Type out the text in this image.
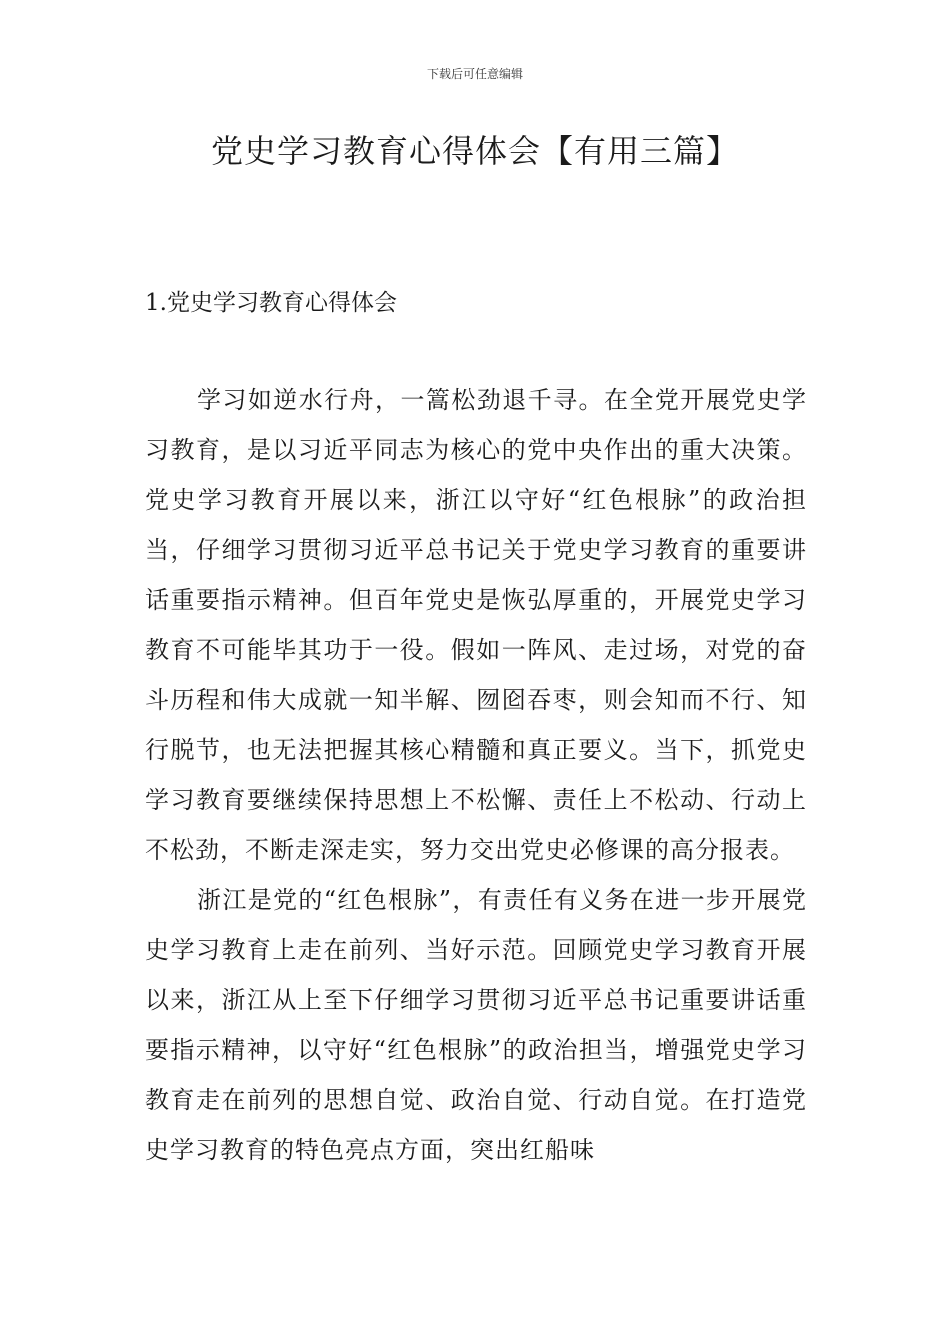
下载后可任意编辑
党史学习教育心得体会【有用三篇】
1.党史学习教育心得体会

学习如逆水行舟，一篙松劲退千寻。在全党开展党史学习教育，是以习近平同志为核心的党中央作出的重大决策。党史学习教育开展以来，浙江以守好“红色根脉”的政治担当，仔细学习贯彻习近平总书记关于党史学习教育的重要讲话重要指示精神。但百年党史是恢弘厚重的，开展党史学习教育不可能毕其功于一役。假如一阵风、走过场，对党的奋斗历程和伟大成就一知半解、囫囵吞枣，则会知而不行、知行脱节，也无法把握其核心精髓和真正要义。当下，抓党史学习教育要继续保持思想上不松懈、责任上不松动、行动上不松劲，不断走深走实，努力交出党史必修课的高分报表。

浙江是党的“红色根脉”，有责任有义务在进一步开展党史学习教育上走在前列、当好示范。回顾党史学习教育开展以来，浙江从上至下仔细学习贯彻习近平总书记重要讲话重要指示精神，以守好“红色根脉”的政治担当，增强党史学习教育走在前列的思想自觉、政治自觉、行动自觉。在打造党史学习教育的特色亮点方面，突出红船味
